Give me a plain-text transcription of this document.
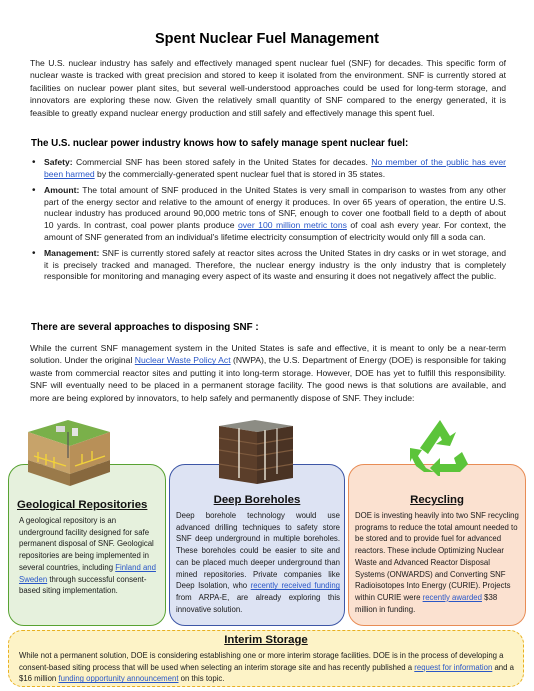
Spent Nuclear Fuel Management

The U.S. nuclear industry has safely and effectively managed spent nuclear fuel (SNF) for decades. This specific form of nuclear waste is tracked with great precision and stored to keep it isolated from the environment. SNF is currently stored at facilities on nuclear power plant sites, but several well-understood approaches could be used for long-term storage, and innovators are exploring these now. Given the relatively small quantity of SNF compared to the energy generated, it is feasible to greatly expand nuclear energy production and still safely and effectively manage this spent fuel.

The U.S. nuclear power industry knows how to safely manage spent nuclear fuel:
• Safety: Commercial SNF has been stored safely in the United States for decades. No member of the public has ever been harmed by the commercially-generated spent nuclear fuel that is stored in 35 states.
• Amount: The total amount of SNF produced in the United States is very small in comparison to wastes from any other part of the energy sector and relative to the amount of energy it produces. In over 65 years of operation, the entire U.S. nuclear industry has produced around 90,000 metric tons of SNF, enough to cover one football field to a depth of about 10 yards. In contrast, coal power plants produce over 100 million metric tons of coal ash every year. For context, the amount of SNF generated from an individual's lifetime electricity consumption of electricity would only fill a soda can.
• Management: SNF is currently stored safely at reactor sites across the United States in dry casks or in wet storage, and it is precisely tracked and managed. Therefore, the nuclear energy industry is the only industry that is completely responsible for monitoring and managing every aspect of its waste and ensuring it does not negatively affect the public.
There are several approaches to disposing SNF :

While the current SNF management system in the United States is safe and effective, it is meant to only be a near-term solution. Under the original Nuclear Waste Policy Act (NWPA), the U.S. Department of Energy (DOE) is responsible for taking waste from commercial reactor sites and putting it into long-term storage. However, DOE has yet to fulfill this responsibility. SNF will eventually need to be placed in a permanent storage facility. The good news is that solutions are available, and more are being explored by innovators, to help safely and permanently dispose of SNF. They include:

Geological Repositories

A geological repository is an underground facility designed for safe permanent disposal of SNF. Geological repositories are being implemented in several countries, including Finland and Sweden through successful consent-based siting implementation.

Deep Boreholes

Deep borehole technology would use advanced drilling techniques to safety store SNF deep underground in multiple boreholes. These boreholes could be easier to site and can be placed much deeper underground than mined repositories. Private companies like Deep Isolation, who recently received funding from ARPA-E, are already exploring this innovative solution.

Recycling

DOE is investing heavily into two SNF recycling programs to reduce the total amount needed to be stored and to provide fuel for advanced reactors. These include Optimizing Nuclear Waste and Advanced Reactor Disposal Systems (ONWARDS) and Converting SNF Radioisotopes Into Energy (CURIE). Projects within CURIE were recently awarded $38 million in funding.

Interim Storage

While not a permanent solution, DOE is considering establishing one or more interim storage facilities. DOE is in the process of developing a consent-based siting process that will be used when selecting an interim storage site and has recently published a request for information and a $16 million funding opportunity announcement on this topic.
